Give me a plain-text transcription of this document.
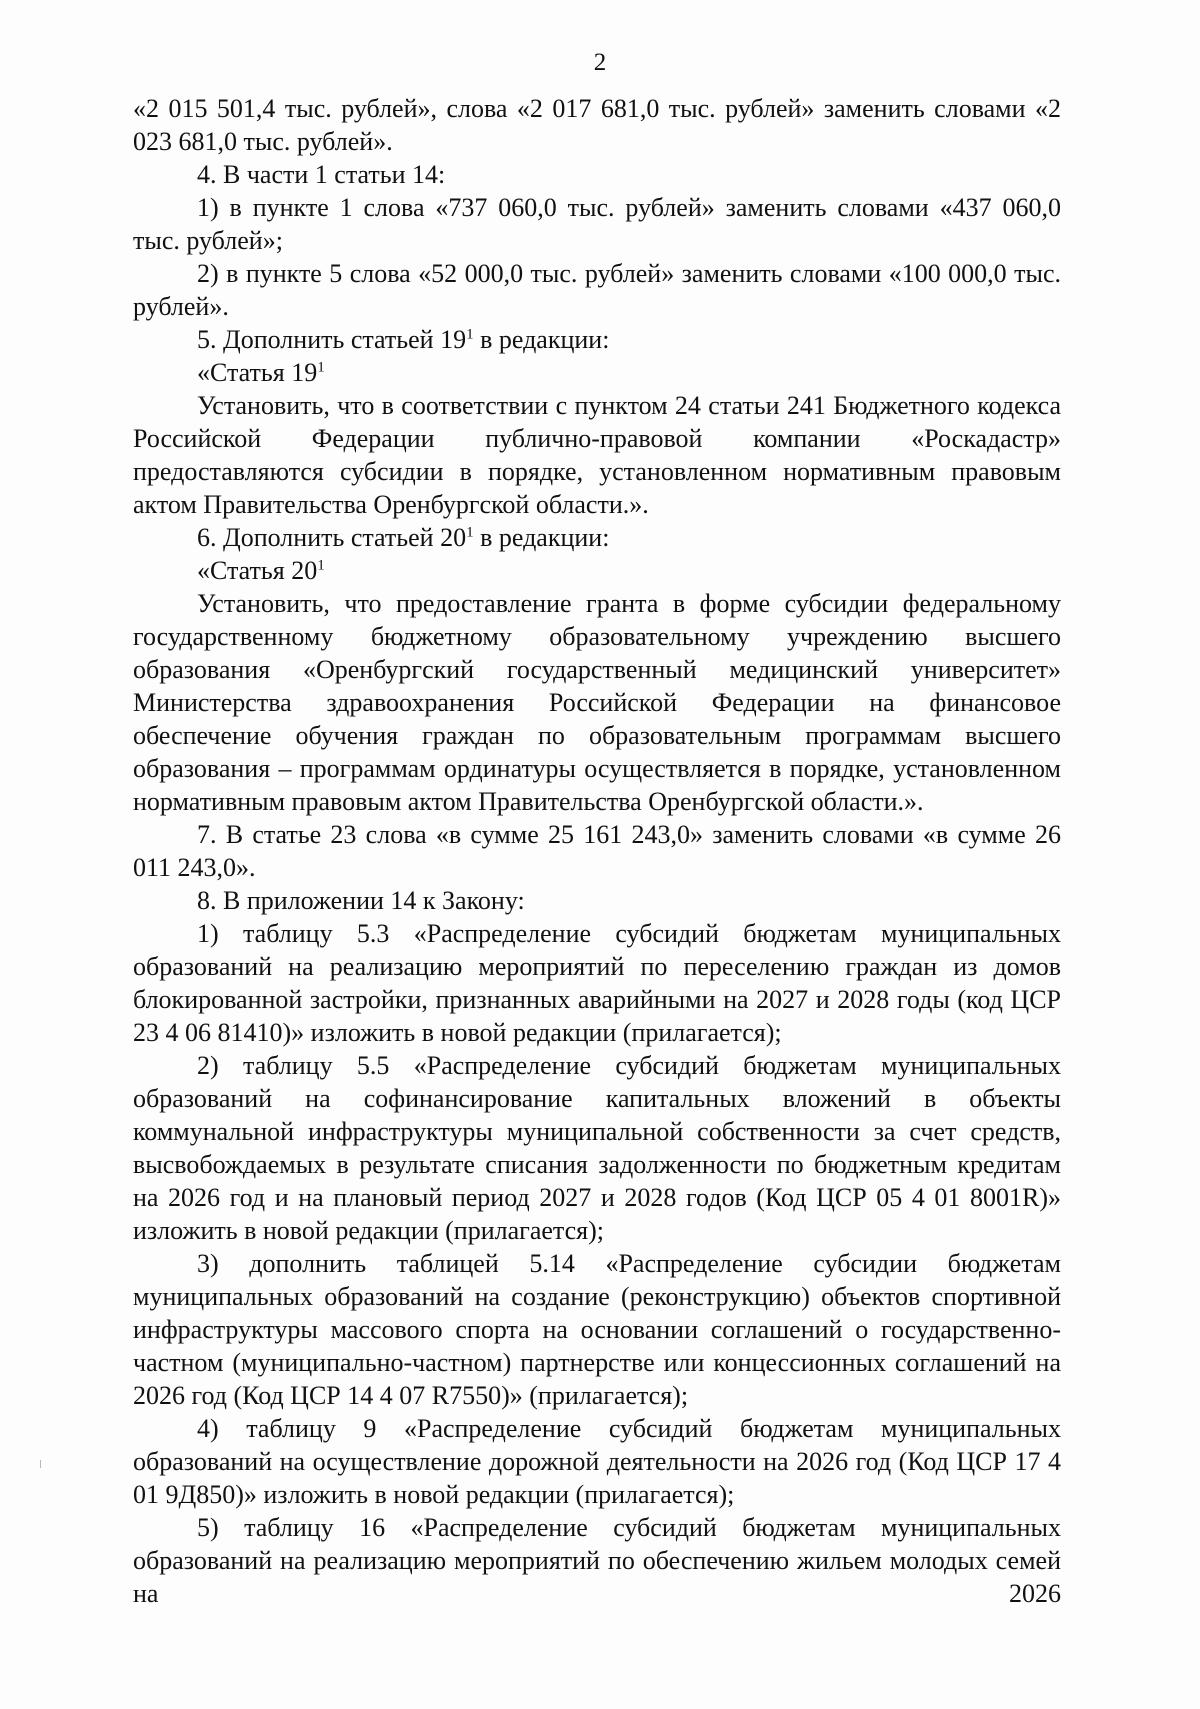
2

«2 015 501,4 тыс. рублей», слова «2 017 681,0 тыс. рублей» заменить словами «2 023 681,0 тыс. рублей».

4. В части 1 статьи 14:

1) в пункте 1 слова «737 060,0 тыс. рублей» заменить словами «437 060,0 тыс. рублей»;

2) в пункте 5 слова «52 000,0 тыс. рублей» заменить словами «100 000,0 тыс. рублей».

5. Дополнить статьей $19^1$ в редакции:

«Статья $19^1$

Установить, что в соответствии с пунктом 24 статьи 241 Бюджетного кодекса Российской Федерации публично-правовой компании «Роскадастр» предоставляются субсидии в порядке, установленном нормативным правовым актом Правительства Оренбургской области.».

6. Дополнить статьей $20^1$ в редакции:

«Статья $20^1$

Установить, что предоставление гранта в форме субсидии федеральному государственному бюджетному образовательному учреждению высшего образования «Оренбургский государственный медицинский университет» Министерства здравоохранения Российской Федерации на финансовое обеспечение обучения граждан по образовательным программам высшего образования – программам ординатуры осуществляется в порядке, установленном нормативным правовым актом Правительства Оренбургской области.».

7. В статье 23 слова «в сумме 25 161 243,0» заменить словами «в сумме 26 011 243,0».

8. В приложении 14 к Закону:

1) таблицу 5.3 «Распределение субсидий бюджетам муниципальных образований на реализацию мероприятий по переселению граждан из домов блокированной застройки, признанных аварийными на 2027 и 2028 годы (код ЦСР 23 4 06 81410)» изложить в новой редакции (прилагается);

2) таблицу 5.5 «Распределение субсидий бюджетам муниципальных образований на софинансирование капитальных вложений в объекты коммунальной инфраструктуры муниципальной собственности за счет средств, высвобождаемых в результате списания задолженности по бюджетным кредитам на 2026 год и на плановый период 2027 и 2028 годов (Код ЦСР 05 4 01 8001R)» изложить в новой редакции (прилагается);

3) дополнить таблицей 5.14 «Распределение субсидии бюджетам муниципальных образований на создание (реконструкцию) объектов спортивной инфраструктуры массового спорта на основании соглашений о государственно-частном (муниципально-частном) партнерстве или концессионных соглашений на 2026 год (Код ЦСР 14 4 07 R7550)» (прилагается);

4) таблицу 9 «Распределение субсидий бюджетам муниципальных образований на осуществление дорожной деятельности на 2026 год (Код ЦСР 17 4 01 9Д850)» изложить в новой редакции (прилагается);

5) таблицу 16 «Распределение субсидий бюджетам муниципальных образований на реализацию мероприятий по обеспечению жильем молодых семей на 2026
